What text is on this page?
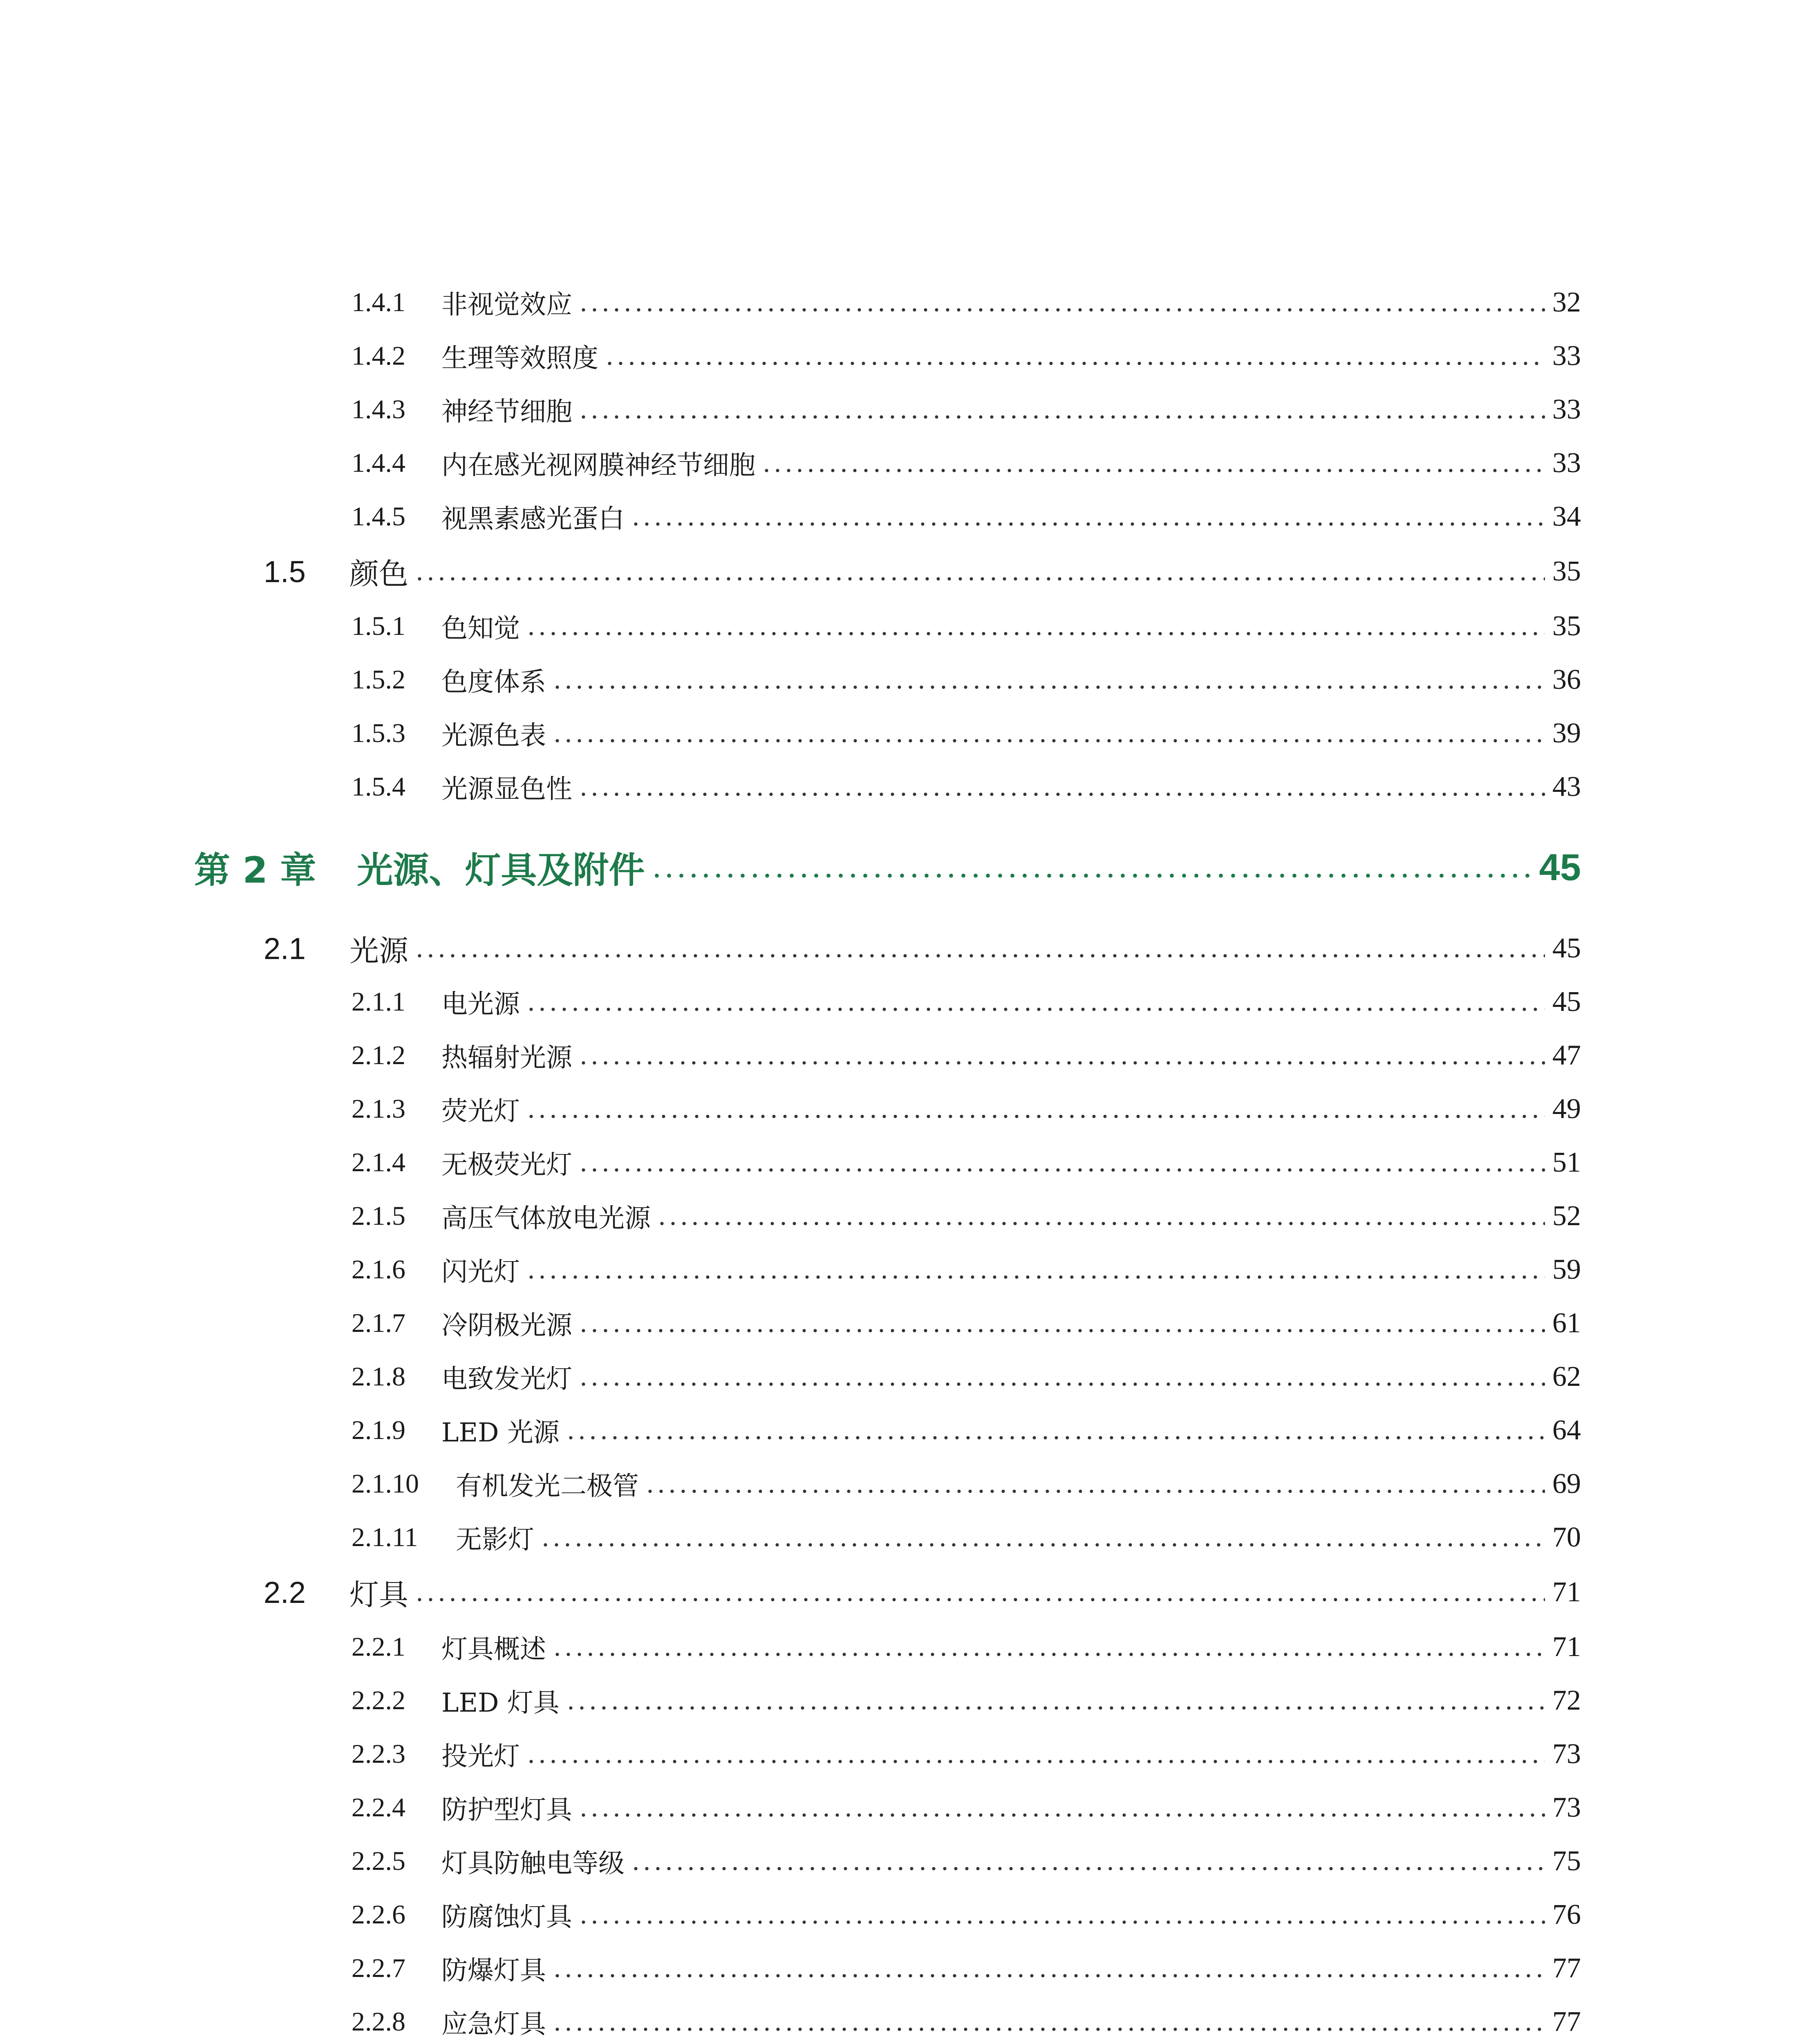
1.4.1	非视觉效应	32
1.4.2	生理等效照度	33
1.4.3	神经节细胞	33
1.4.4	内在感光视网膜神经节细胞	33
1.4.5	视黑素感光蛋白	34
1.5	颜色	35
1.5.1	色知觉	35
1.5.2	色度体系	36
1.5.3	光源色表	39
1.5.4	光源显色性	43
第 2 章 光源、灯具及附件	45
2.1	光源	45
2.1.1	电光源	45
2.1.2	热辐射光源	47
2.1.3	荧光灯	49
2.1.4	无极荧光灯	51
2.1.5	高压气体放电光源	52
2.1.6	闪光灯	59
2.1.7	冷阴极光源	61
2.1.8	电致发光灯	62
2.1.9	LED 光源	64
2.1.10	有机发光二极管	69
2.1.11	无影灯	70
2.2	灯具	71
2.2.1	灯具概述	71
2.2.2	LED 灯具	72
2.2.3	投光灯	73
2.2.4	防护型灯具	73
2.2.5	灯具防触电等级	75
2.2.6	防腐蚀灯具	76
2.2.7	防爆灯具	77
2.2.8	应急灯具	77
